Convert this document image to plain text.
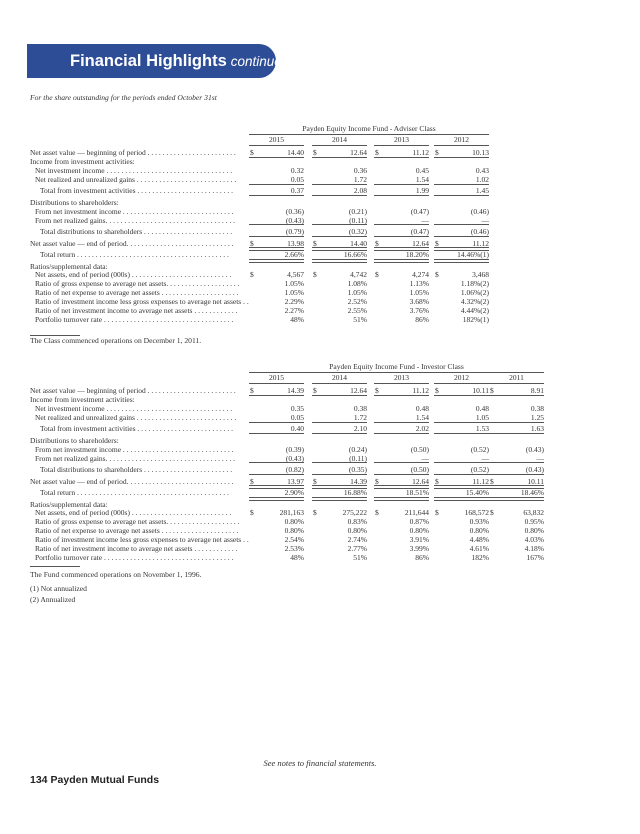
Financial Highlights continued
For the share outstanding for the periods ended October 31st
Payden Equity Income Fund - Adviser Class
2015	2014	2013	2012
Net asset value — beginning of period . . . . . . . . . . . . . . . . . . . . . . . . $	14.40 $	12.64 $	11.12 $	10.13
Income from investment activities:
Net investment income . . . . . . . . . . . . . . . . . . . . . . . . . . . . . . . . . .	0.32	0.36	0.45	0.43
Net realized and unrealized gains . . . . . . . . . . . . . . . . . . . . . . . . . . .	0.05	1.72	1.54	1.02
Total from investment activities . . . . . . . . . . . . . . . . . . . . . . . . . .	0.37	2.08	1.99	1.45
Distributions to shareholders:
From net investment income . . . . . . . . . . . . . . . . . . . . . . . . . . . . . .	(0.36)	(0.21)	(0.47)	(0.46)
From net realized gains. . . . . . . . . . . . . . . . . . . . . . . . . . . . . . . . . . .	(0.43)	(0.11)	—	—
Total distributions to shareholders . . . . . . . . . . . . . . . . . . . . . . . .	(0.79)	(0.32)	(0.47)	(0.46)
Net asset value — end of period. . . . . . . . . . . . . . . . . . . . . . . . . . . . . $	13.98 $	14.40 $	12.64 $	11.12
Total return . . . . . . . . . . . . . . . . . . . . . . . . . . . . . . . . . . . . . . . . .	2.66%	16.66%	18.20%	14.46%(1)
Ratios/supplemental data:
Net assets, end of period (000s) . . . . . . . . . . . . . . . . . . . . . . . . . . .	$	4,567 $	4,742 $	4,274 $	3,468
Ratio of gross expense to average net assets. . . . . . . . . . . . . . . . . . . .	1.05%	1.08%	1.13%	1.18%(2)
Ratio of net expense to average net assets . . . . . . . . . . . . . . . . . . . . .	1.05%	1.05%	1.05%	1.06%(2)
Ratio of investment income less gross expenses to average net assets . .	2.29%	2.52%	3.68%	4.32%(2)
Ratio of net investment income to average net assets . . . . . . . . . . . .	2.27%	2.55%	3.76%	4.44%(2)
Portfolio turnover rate . . . . . . . . . . . . . . . . . . . . . . . . . . . . . . . . . . .	48%	51%	86%	182%(1)
The Class commenced operations on December 1, 2011.
Payden Equity Income Fund - Investor Class
2015	2014	2013	2012	2011
Net asset value — beginning of period . . . . . . . . . . . . . . . . . . . . . . . . $	14.39 $	12.64 $	11.12 $	10.11 $	8.91
Income from investment activities:
Net investment income . . . . . . . . . . . . . . . . . . . . . . . . . . . . . . . . . .	0.35	0.38	0.48	0.48	0.38
Net realized and unrealized gains . . . . . . . . . . . . . . . . . . . . . . . . . . .	0.05	1.72	1.54	1.05	1.25
Total from investment activities . . . . . . . . . . . . . . . . . . . . . . . . . .	0.40	2.10	2.02	1.53	1.63
Distributions to shareholders:
From net investment income . . . . . . . . . . . . . . . . . . . . . . . . . . . . . .	(0.39)	(0.24)	(0.50)	(0.52)	(0.43)
From net realized gains. . . . . . . . . . . . . . . . . . . . . . . . . . . . . . . . . . .	(0.43)	(0.11)	—	—	—
Total distributions to shareholders . . . . . . . . . . . . . . . . . . . . . . . .	(0.82)	(0.35)	(0.50)	(0.52)	(0.43)
Net asset value — end of period. . . . . . . . . . . . . . . . . . . . . . . . . . . . . $	13.97 $	14.39 $	12.64 $	11.12 $	10.11
Total return . . . . . . . . . . . . . . . . . . . . . . . . . . . . . . . . . . . . . . . . .	2.90%	16.88%	18.51%	15.40%	18.46%
Ratios/supplemental data:
Net assets, end of period (000s) . . . . . . . . . . . . . . . . . . . . . . . . . . .	$	281,163 $	275,222 $	211,644 $	168,572 $	63,832
Ratio of gross expense to average net assets. . . . . . . . . . . . . . . . . . . .	0.80%	0.83%	0.87%	0.93%	0.95%
Ratio of net expense to average net assets . . . . . . . . . . . . . . . . . . . . .	0.80%	0.80%	0.80%	0.80%	0.80%
Ratio of investment income less gross expenses to average net assets . .	2.54%	2.74%	3.91%	4.48%	4.03%
Ratio of net investment income to average net assets . . . . . . . . . . . .	2.53%	2.77%	3.99%	4.61%	4.18%
Portfolio turnover rate . . . . . . . . . . . . . . . . . . . . . . . . . . . . . . . . . . .	48%	51%	86%	182%	167%
The Fund commenced operations on November 1, 1996.
(1) Not annualized
(2) Annualized
See notes to financial statements.
134 Payden Mutual Funds
